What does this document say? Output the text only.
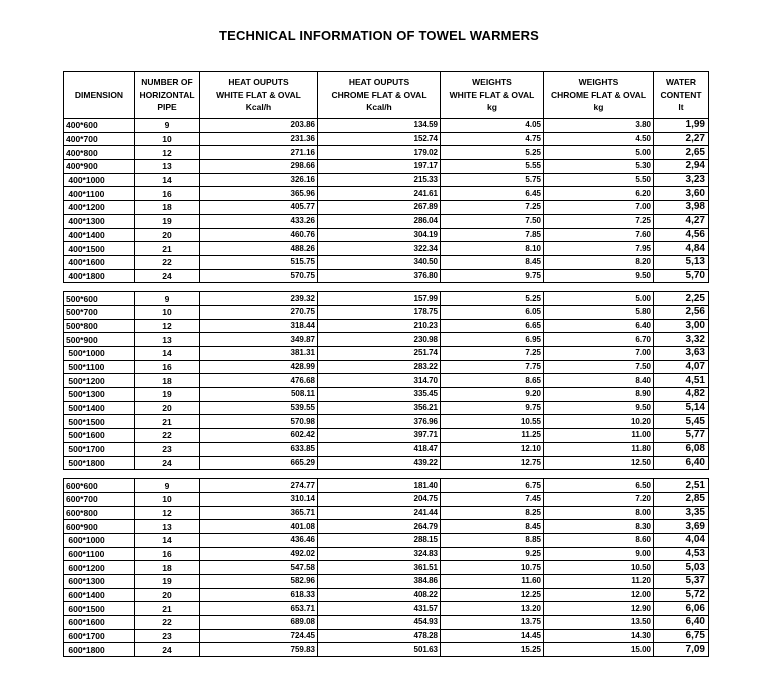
TECHNICAL INFORMATION OF TOWEL WARMERS
DIMENSION

NUMBER OF
HORIZONTAL
PIPE

HEAT OUPUTS
WHITE FLAT & OVAL
Kcal/h

HEAT OUPUTS
CHROME FLAT & OVAL
Kcal/h

WEIGHTS
WHITE FLAT & OVAL
kg

WEIGHTS
CHROME FLAT & OVAL
kg

WATER
CONTENT
lt

400*600	9	203.86	134.59	4.05	3.80	1,99
400*700	10	231.36	152.74	4.75	4.50	2,27
400*800	12	271.16	179.02	5.25	5.00	2,65
400*900	13	298.66	197.17	5.55	5.30	2,94
400*1000	14	326.16	215.33	5.75	5.50	3,23
400*1100	16	365.96	241.61	6.45	6.20	3,60
400*1200	18	405.77	267.89	7.25	7.00	3,98
400*1300	19	433.26	286.04	7.50	7.25	4,27
400*1400	20	460.76	304.19	7.85	7.60	4,56
400*1500	21	488.26	322.34	8.10	7.95	4,84
400*1600	22	515.75	340.50	8.45	8.20	5,13
400*1800	24	570.75	376.80	9.75	9.50	5,70
500*600	9	239.32	157.99	5.25	5.00	2,25
500*700	10	270.75	178.75	6.05	5.80	2,56
500*800	12	318.44	210.23	6.65	6.40	3,00
500*900	13	349.87	230.98	6.95	6.70	3,32
500*1000	14	381.31	251.74	7.25	7.00	3,63
500*1100	16	428.99	283.22	7.75	7.50	4,07
500*1200	18	476.68	314.70	8.65	8.40	4,51
500*1300	19	508.11	335.45	9.20	8.90	4,82
500*1400	20	539.55	356.21	9.75	9.50	5,14
500*1500	21	570.98	376.96	10.55	10.20	5,45
500*1600	22	602.42	397.71	11.25	11.00	5,77
500*1700	23	633.85	418.47	12.10	11.80	6,08
500*1800	24	665.29	439.22	12.75	12.50	6,40
600*600	9	274.77	181.40	6.75	6.50	2,51
600*700	10	310.14	204.75	7.45	7.20	2,85
600*800	12	365.71	241.44	8.25	8.00	3,35
600*900	13	401.08	264.79	8.45	8.30	3,69
600*1000	14	436.46	288.15	8.85	8.60	4,04
600*1100	16	492.02	324.83	9.25	9.00	4,53
600*1200	18	547.58	361.51	10.75	10.50	5,03
600*1300	19	582.96	384.86	11.60	11.20	5,37
600*1400	20	618.33	408.22	12.25	12.00	5,72
600*1500	21	653.71	431.57	13.20	12.90	6,06
600*1600	22	689.08	454.93	13.75	13.50	6,40
600*1700	23	724.45	478.28	14.45	14.30	6,75
600*1800	24	759.83	501.63	15.25	15.00	7,09
